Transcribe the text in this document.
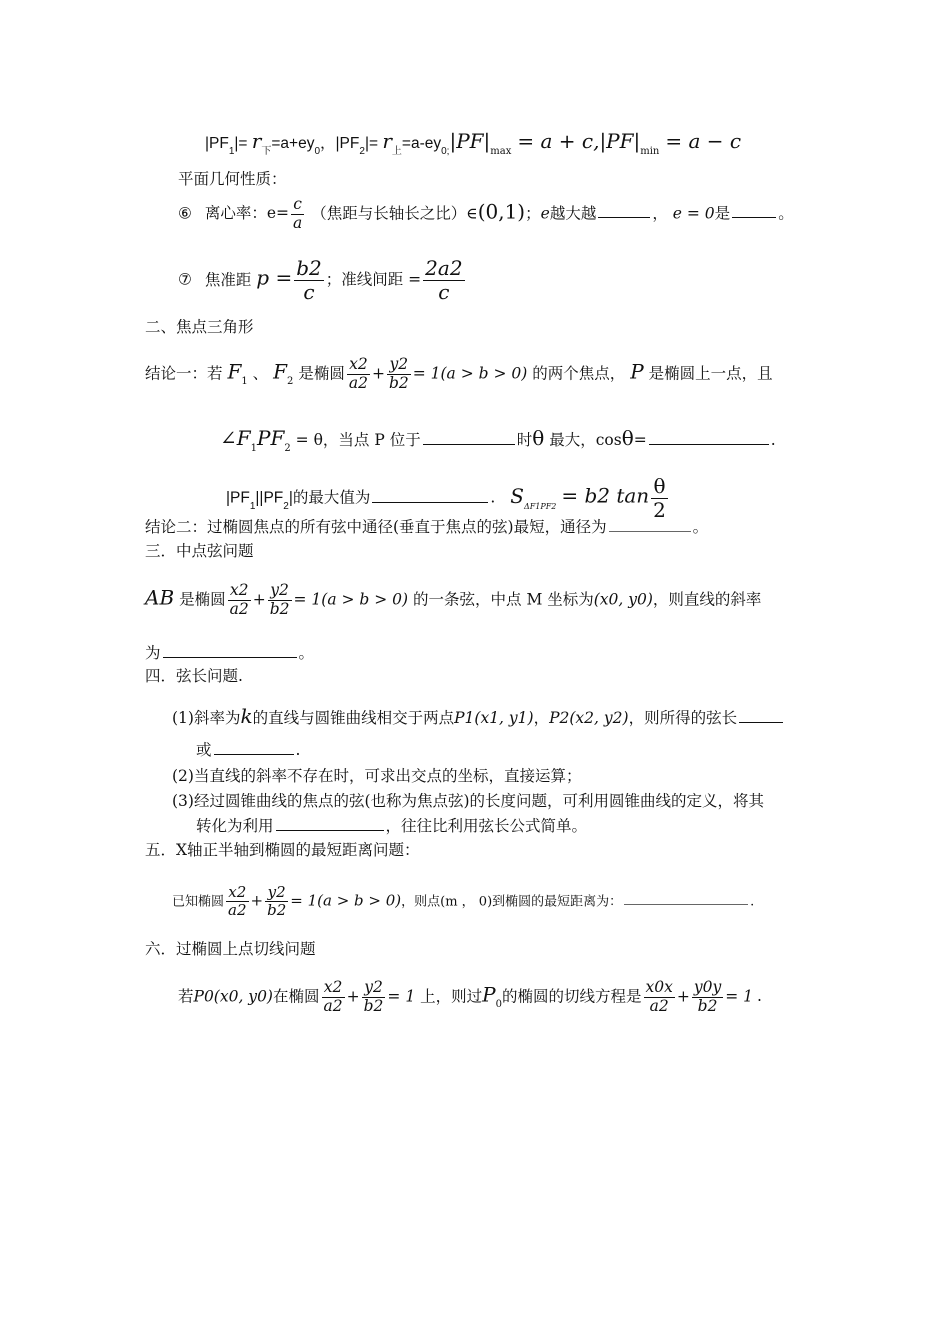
$|PF_1|= r_下=a+ey_0$，$|PF_2|= r_上=a-ey_{0;}|PF|_{max} = a + c,|PF|_{min} = a - c$
平面几何性质：
⑥ 离心率：$e= \frac{c}{a}$ （焦距与长轴长之比）∈(0,1)；e越大越	， e = 0是	。
⑦ 焦准距 $p = \frac{b2}{c}$ ；准线间距 = $\frac{2a2}{c}$
二、焦点三角形
结论一：若 $F_1$ 、 $F_2$ 是椭圆 $\frac{x2}{a2} + \frac{y2}{b2} = 1(a > b > 0)$ 的两个焦点， P 是椭圆上一点，且
$\angle F_1PF_2 = \theta$，当点 P 位于	时θ 最大，cosθ=	.
$|PF_1||PF_2|$的最大值为	. $S_{\Delta F1PF2} = b2$ $\tan \frac{\theta}{2}$
结论二：过椭圆焦点的所有弦中通径(垂直于焦点的弦)最短，通径为	。
三．中点弦问题
AB 是椭圆 $\frac{x2}{a2} + \frac{y2}{b2} = 1(a > b > 0)$ 的一条弦，中点 M 坐标为(x0, y0)，则直线的斜率
为	。
四．弦长问题.
(1)斜率为k的直线与圆锥曲线相交于两点P1(x1, y1)，P2(x2, y2)，则所得的弦长
或	.
(2)当直线的斜率不存在时，可求出交点的坐标，直接运算；
(3)经过圆锥曲线的焦点的弦(也称为焦点弦)的长度问题，可利用圆锥曲线的定义，将其
转化为利用	，往往比利用弦长公式简单。
五．X轴正半轴到椭圆的最短距离问题：
已知椭圆 $\frac{x2}{a2} + \frac{y2}{b2} = 1(a > b > 0)$，则点(m ， 0)到椭圆的最短距离为：	.
六．过椭圆上点切线问题
若P0(x0, y0)在椭圆 $\frac{x2}{a2} + \frac{y2}{b2} = 1$ 上，则过$P_0$的椭圆的切线方程是 $\frac{x0x}{a2} + \frac{y0y}{b2} = 1$ .
